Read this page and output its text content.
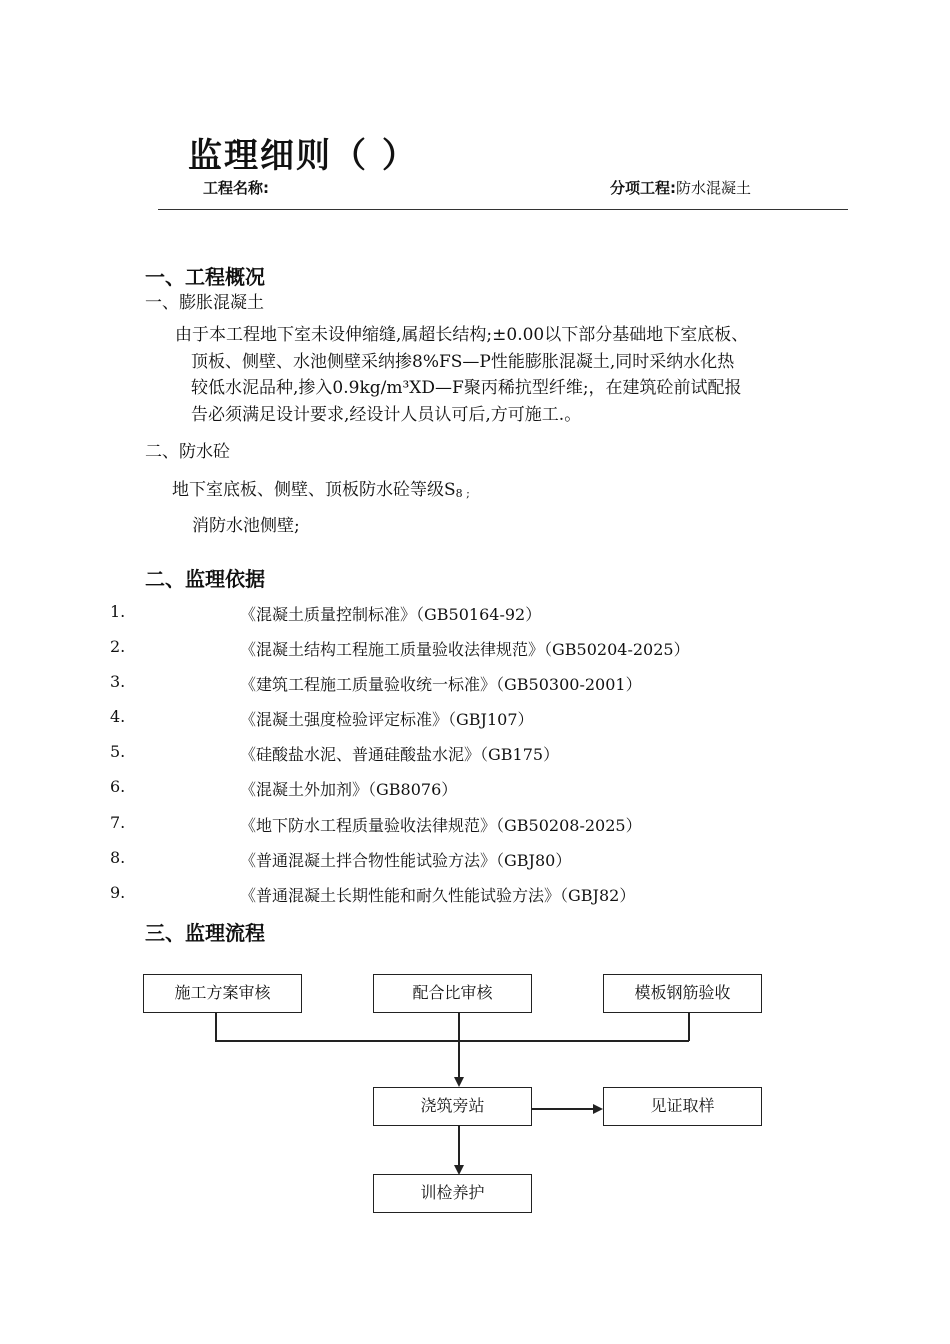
监理细则（ ）
工程名称:	分项工程:防水混凝土
一、工程概况
一、膨胀混凝土
由于本工程地下室未设伸缩缝,属超长结构;±0.00以下部分基础地下室底板、
顶板、侧壁、水池侧壁采纳掺8%FS—P性能膨胀混凝土,同时采纳水化热
较低水泥品种,掺入0.9kg/m³XD—F聚丙稀抗型纤维;，在建筑砼前试配报
告必须满足设计要求,经设计人员认可后,方可施工.。
二、防水砼
地下室底板、侧壁、顶板防水砼等级$S_{8 ;}$
消防水池侧壁;
二、监理依据
1.	《混凝土质量控制标准》（GB50164-92）
2.	《混凝土结构工程施工质量验收法律规范》（GB50204-2025）
3.	《建筑工程施工质量验收统一标准》（GB50300-2001）
4.	《混凝土强度检验评定标准》（GBJ107）
5.	《硅酸盐水泥、普通硅酸盐水泥》（GB175）
6.	《混凝土外加剂》（GB8076）
7.	《地下防水工程质量验收法律规范》（GB50208-2025）
8.	《普通混凝土拌合物性能试验方法》（GBJ80）
9.	《普通混凝土长期性能和耐久性能试验方法》（GBJ82）
三、监理流程
施工方案审核	配合比审核	模板钢筋验收
浇筑旁站	见证取样
训检养护
